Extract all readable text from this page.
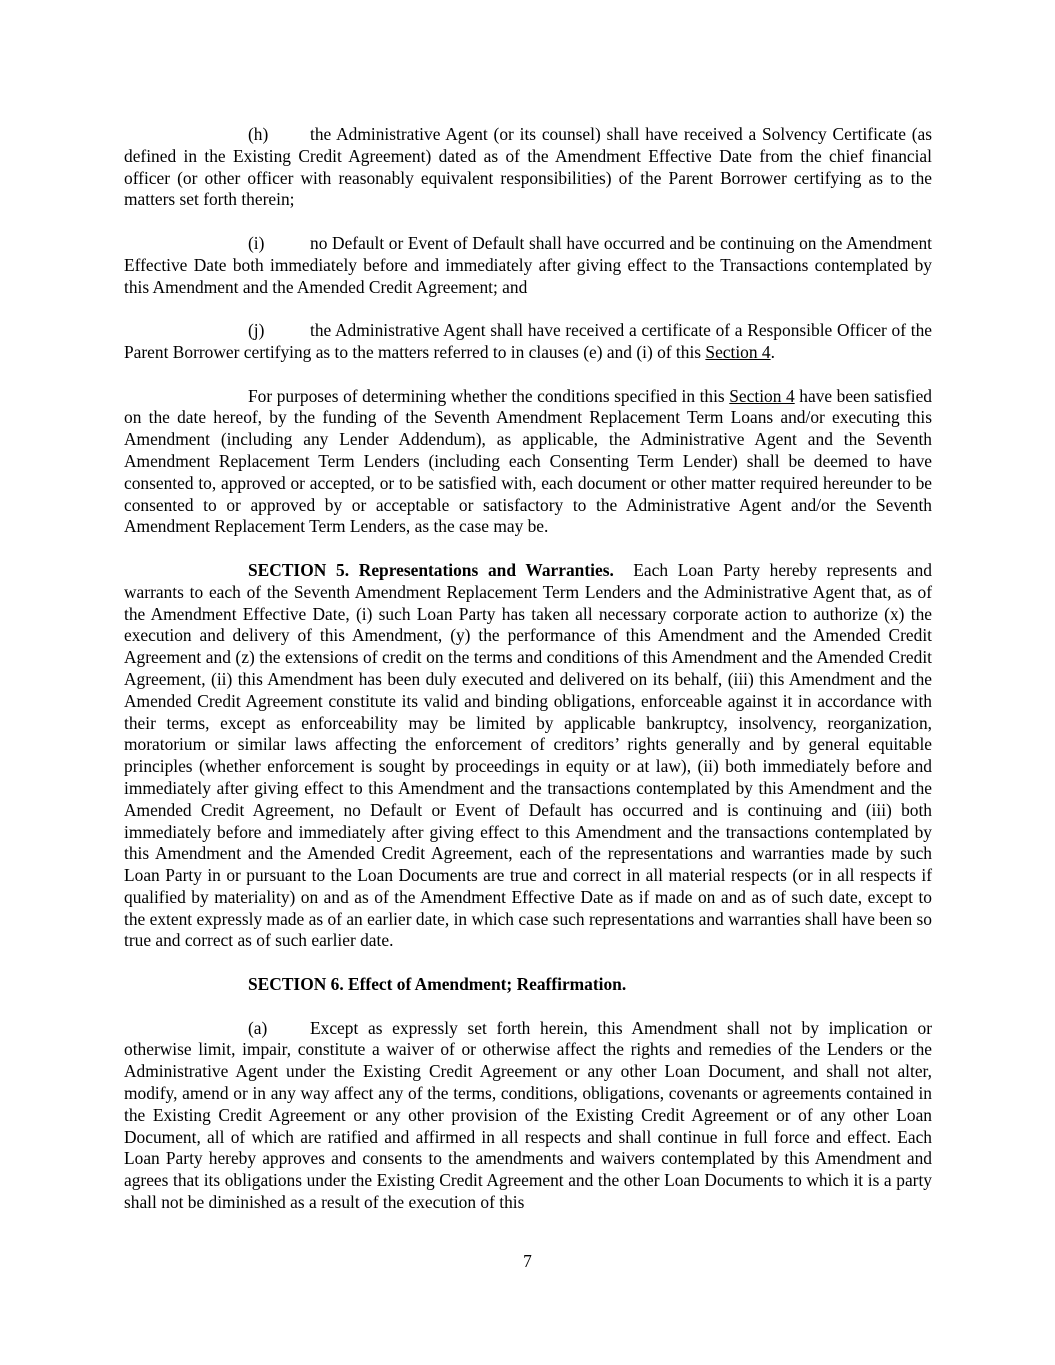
(h) the Administrative Agent (or its counsel) shall have received a Solvency Certificate (as defined in the Existing Credit Agreement) dated as of the Amendment Effective Date from the chief financial officer (or other officer with reasonably equivalent responsibilities) of the Parent Borrower certifying as to the matters set forth therein;

(i)	no Default or Event of Default shall have occurred and be continuing on the Amendment Effective Date both immediately before and immediately after giving effect to the Transactions contemplated by this Amendment and the Amended Credit Agreement; and

(j)	the Administrative Agent shall have received a certificate of a Responsible Officer of the Parent Borrower certifying as to the matters referred to in clauses (e) and (i) of this Section 4.

For purposes of determining whether the conditions specified in this Section 4 have been satisfied on the date hereof, by the funding of the Seventh Amendment Replacement Term Loans and/or executing this Amendment (including any Lender Addendum), as applicable, the Administrative Agent and the Seventh Amendment Replacement Term Lenders (including each Consenting Term Lender) shall be deemed to have consented to, approved or accepted, or to be satisfied with, each document or other matter required hereunder to be consented to or approved by or acceptable or satisfactory to the Administrative Agent and/or the Seventh Amendment Replacement Term Lenders, as the case may be.

SECTION 5. Representations and Warranties. Each Loan Party hereby represents and warrants to each of the Seventh Amendment Replacement Term Lenders and the Administrative Agent that, as of the Amendment Effective Date, (i) such Loan Party has taken all necessary corporate action to authorize (x) the execution and delivery of this Amendment, (y) the performance of this Amendment and the Amended Credit Agreement and (z) the extensions of credit on the terms and conditions of this Amendment and the Amended Credit Agreement, (ii) this Amendment has been duly executed and delivered on its behalf, (iii) this Amendment and the Amended Credit Agreement constitute its valid and binding obligations, enforceable against it in accordance with their terms, except as enforceability may be limited by applicable bankruptcy, insolvency, reorganization, moratorium or similar laws affecting the enforcement of creditors’ rights generally and by general equitable principles (whether enforcement is sought by proceedings in equity or at law), (ii) both immediately before and immediately after giving effect to this Amendment and the transactions contemplated by this Amendment and the Amended Credit Agreement, no Default or Event of Default has occurred and is continuing and (iii) both immediately before and immediately after giving effect to this Amendment and the transactions contemplated by this Amendment and the Amended Credit Agreement, each of the representations and warranties made by such Loan Party in or pursuant to the Loan Documents are true and correct in all material respects (or in all respects if qualified by materiality) on and as of the Amendment Effective Date as if made on and as of such date, except to the extent expressly made as of an earlier date, in which case such representations and warranties shall have been so true and correct as of such earlier date.

SECTION 6. Effect of Amendment; Reaffirmation.

(a) Except as expressly set forth herein, this Amendment shall not by implication or otherwise limit, impair, constitute a waiver of or otherwise affect the rights and remedies of the Lenders or the Administrative Agent under the Existing Credit Agreement or any other Loan Document, and shall not alter, modify, amend or in any way affect any of the terms, conditions, obligations, covenants or agreements contained in the Existing Credit Agreement or any other provision of the Existing Credit Agreement or of any other Loan Document, all of which are ratified and affirmed in all respects and shall continue in full force and effect. Each Loan Party hereby approves and consents to the amendments and waivers contemplated by this Amendment and agrees that its obligations under the Existing Credit Agreement and the other Loan Documents to which it is a party shall not be diminished as a result of the execution of this

7
